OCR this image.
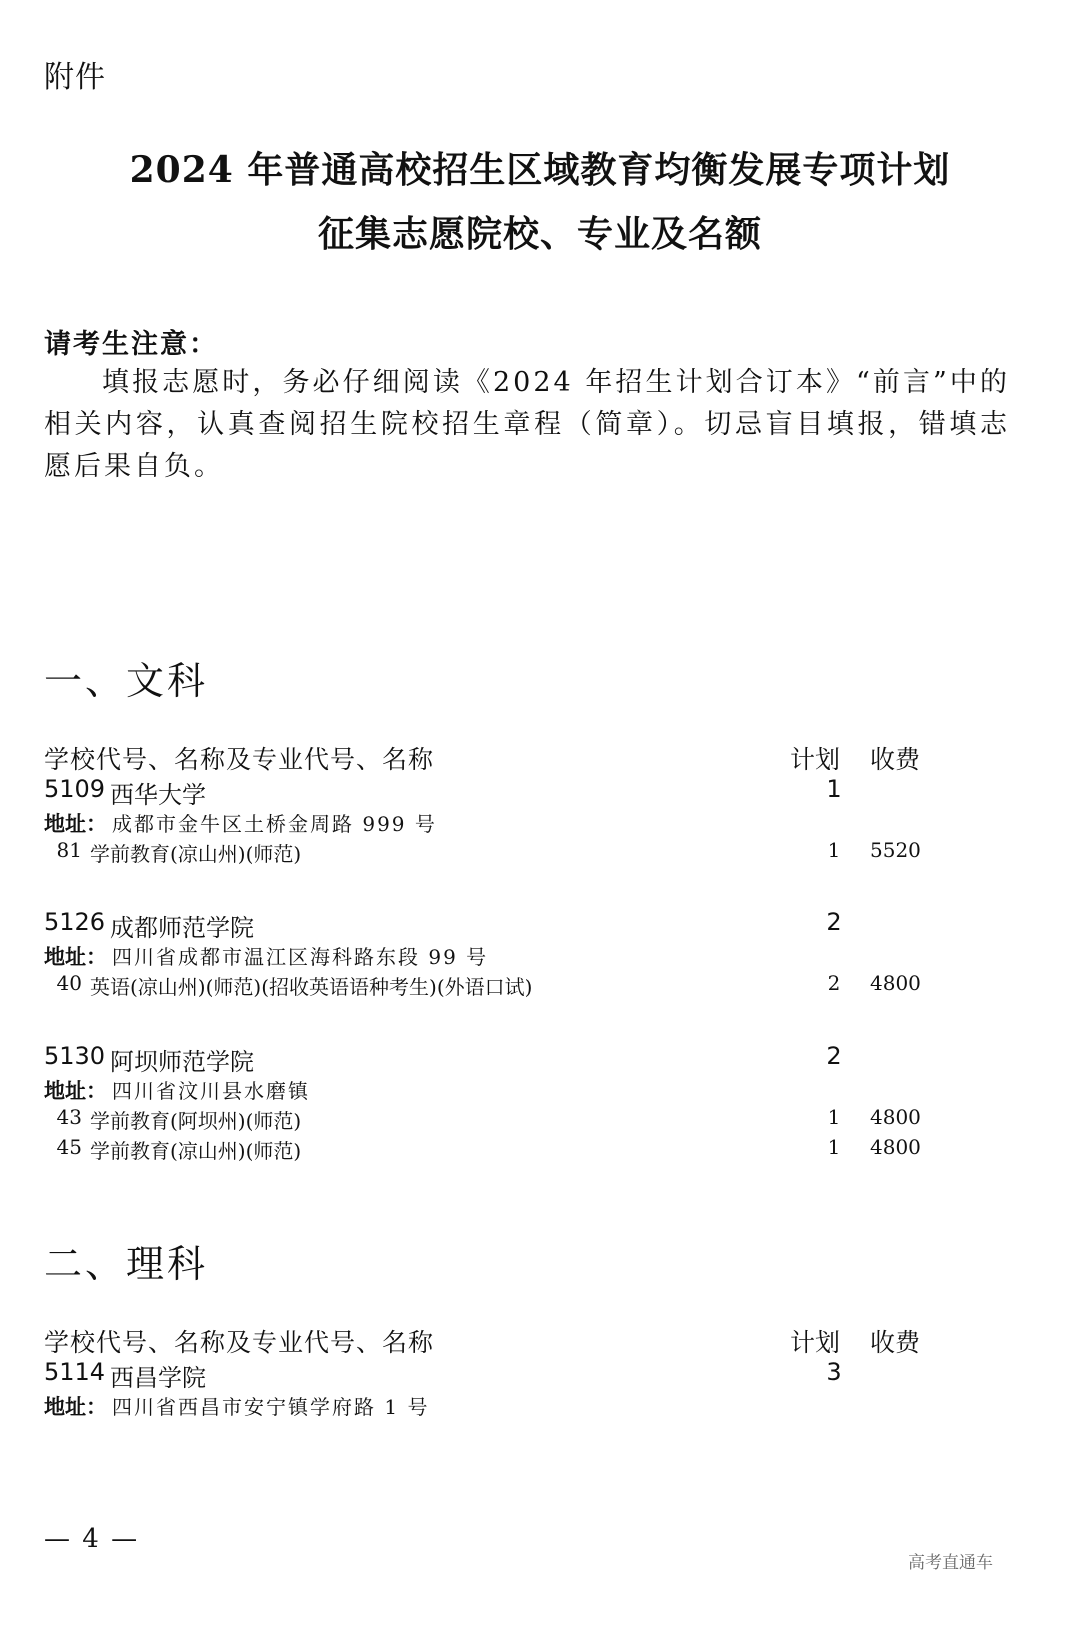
附件
2024 年普通高校招生区域教育均衡发展专项计划
征集志愿院校、专业及名额
请考生注意：

填报志愿时，务必仔细阅读《2024 年招生计划合订本》“前言”中的相关内容，认真查阅招生院校招生章程（简章）。切忌盲目填报，错填志愿后果自负。

一、文科
学校代号、名称及专业代号、名称	计划 收费
5109 西华大学	1
地址： 成都市金牛区土桥金周路 999 号
81 学前教育(凉山州)(师范)	1 5520
5126 成都师范学院	2
地址： 四川省成都市温江区海科路东段 99 号
40 英语(凉山州)(师范)(招收英语语种考生)(外语口试)	2 4800
5130 阿坝师范学院	2
地址： 四川省汶川县水磨镇
43 学前教育(阿坝州)(师范)	1 4800
45 学前教育(凉山州)(师范)	1 4800
二、理科
学校代号、名称及专业代号、名称	计划 收费
5114 西昌学院	3
地址： 四川省西昌市安宁镇学府路 1 号
— 4 —
高考直通车
